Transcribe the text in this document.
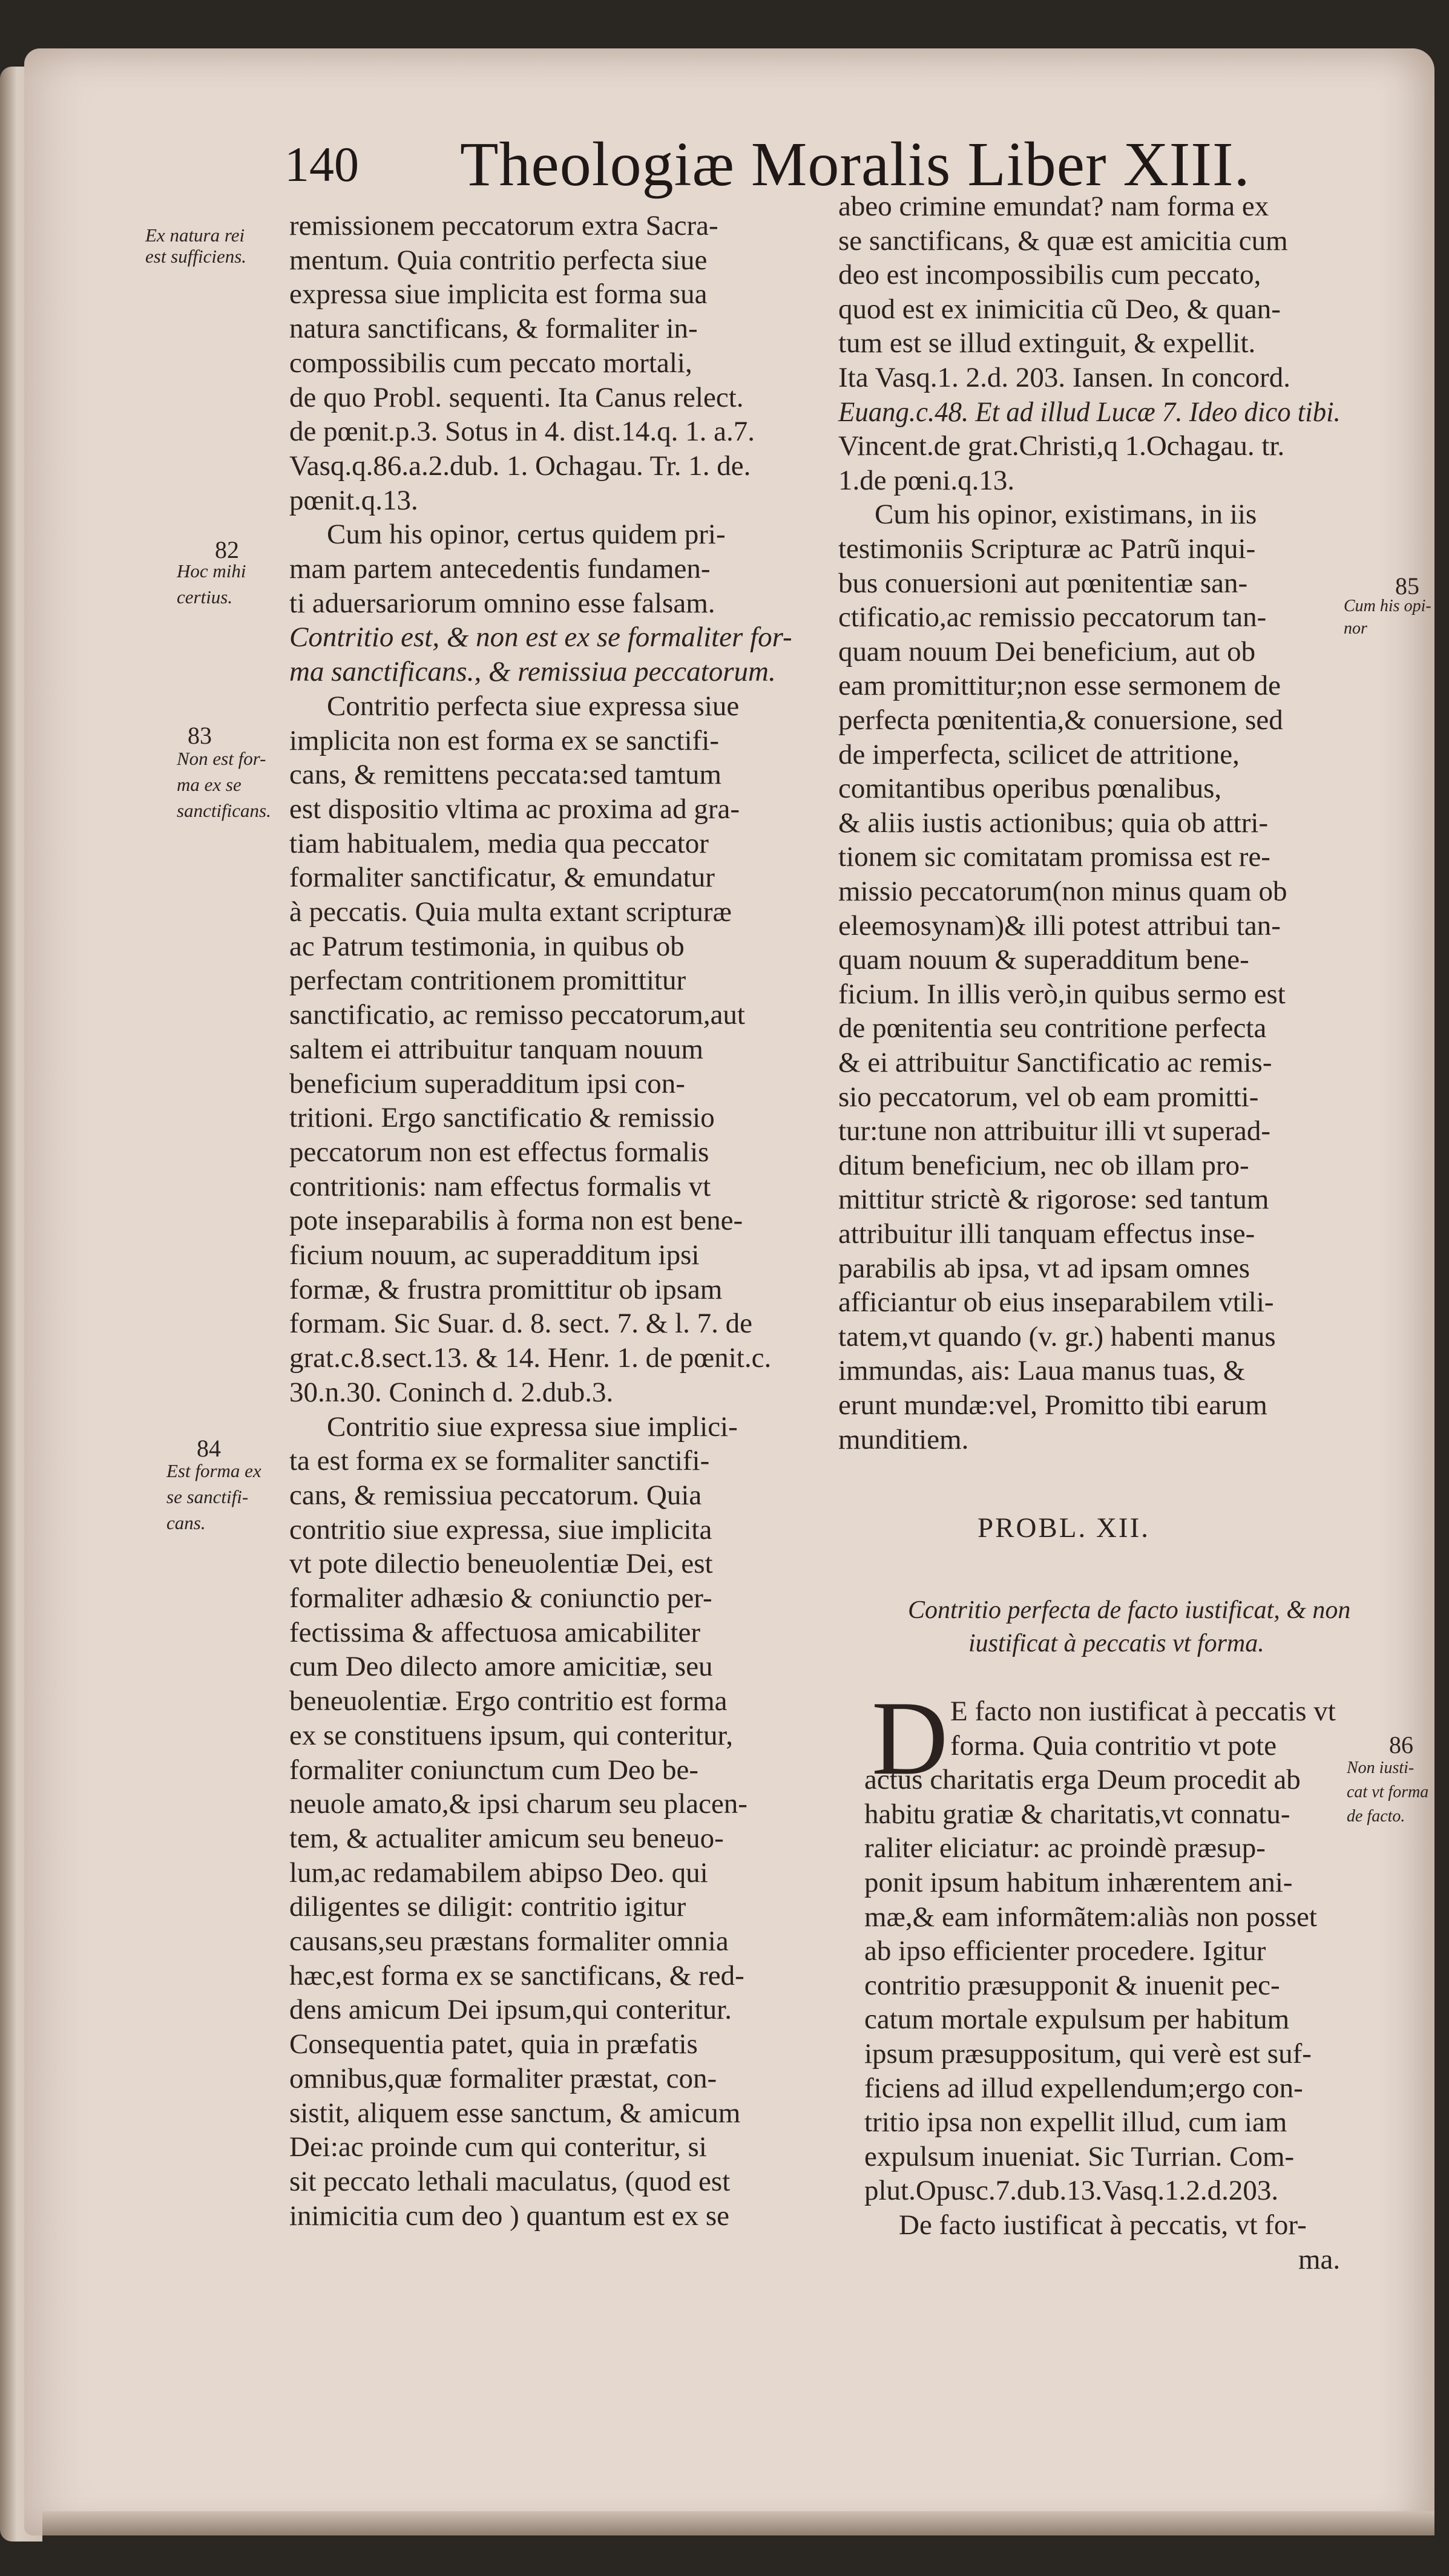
140 Theologiæ Moralis Liber XIII.
Ex natura rei
est sufficiens.
82
Hoc mihi
certius.
83
Non est for-
ma ex se
sanctificans.
84
Est forma ex
se sanctifi-
cans.
85
Cum his opi-
nor
86
Non iusti-
cat vt forma
de facto.
remissionem peccatorum extra Sacra-
mentum. Quia contritio perfecta siue
expressa siue implicita est forma sua
natura sanctificans, & formaliter in-
compossibilis cum peccato mortali,
de quo Probl. sequenti. Ita Canus relect.
de pœnit.p.3. Sotus in 4. dist.14.q. 1. a.7.
Vasq.q.86.a.2.dub. 1. Ochagau. Tr. 1. de.
pœnit.q.13.
Cum his opinor, certus quidem pri-
mam partem antecedentis fundamen-
ti aduersariorum omnino esse falsam.
Contritio est, & non est ex se formaliter for-
ma sanctificans., & remissiua peccatorum.
Contritio perfecta siue expressa siue
implicita non est forma ex se sanctifi-
cans, & remittens peccata:sed tamtum
est dispositio vltima ac proxima ad gra-
tiam habitualem, media qua peccator
formaliter sanctificatur, & emundatur
à peccatis. Quia multa extant scripturæ
ac Patrum testimonia, in quibus ob
perfectam contritionem promittitur
sanctificatio, ac remisso peccatorum,aut
saltem ei attribuitur tanquam nouum
beneficium superadditum ipsi con-
tritioni. Ergo sanctificatio & remissio
peccatorum non est effectus formalis
contritionis: nam effectus formalis vt
pote inseparabilis à forma non est bene-
ficium nouum, ac superadditum ipsi
formæ, & frustra promittitur ob ipsam
formam. Sic Suar. d. 8. sect. 7. & l. 7. de
grat.c.8.sect.13. & 14. Henr. 1. de pœnit.c.
30.n.30. Coninch d. 2.dub.3.
Contritio siue expressa siue implici-
ta est forma ex se formaliter sanctifi-
cans, & remissiua peccatorum. Quia
contritio siue expressa, siue implicita
vt pote dilectio beneuolentiæ Dei, est
formaliter adhæsio & coniunctio per-
fectissima & affectuosa amicabiliter
cum Deo dilecto amore amicitiæ, seu
beneuolentiæ. Ergo contritio est forma
ex se constituens ipsum, qui conteritur,
formaliter coniunctum cum Deo be-
neuole amato,& ipsi charum seu placen-
tem, & actualiter amicum seu beneuo-
lum,ac redamabilem abipso Deo. qui
diligentes se diligit: contritio igitur
causans,seu præstans formaliter omnia
hæc,est forma ex se sanctificans, & red-
dens amicum Dei ipsum,qui conteritur.
Consequentia patet, quia in præfatis
omnibus,quæ formaliter præstat, con-
sistit, aliquem esse sanctum, & amicum
Dei:ac proinde cum qui conteritur, si
sit peccato lethali maculatus, (quod est
inimicitia cum deo ) quantum est ex se
abeo crimine emundat? nam forma ex
se sanctificans, & quæ est amicitia cum
deo est incompossibilis cum peccato,
quod est ex inimicitia cũ Deo, & quan-
tum est se illud extinguit, & expellit.
Ita Vasq.1. 2.d. 203. Iansen. In concord.
Euang.c.48. Et ad illud Lucæ 7. Ideo dico tibi.
Vincent.de grat.Christi,q 1.Ochagau. tr.
1.de pœni.q.13.
Cum his opinor, existimans, in iis
testimoniis Scripturæ ac Patrũ inqui-
bus conuersioni aut pœnitentiæ san-
ctificatio,ac remissio peccatorum tan-
quam nouum Dei beneficium, aut ob
eam promittitur;non esse sermonem de
perfecta pœnitentia,& conuersione, sed
de imperfecta, scilicet de attritione,
comitantibus operibus pœnalibus,
& aliis iustis actionibus; quia ob attri-
tionem sic comitatam promissa est re-
missio peccatorum(non minus quam ob
eleemosynam)& illi potest attribui tan-
quam nouum & superadditum bene-
ficium. In illis verò,in quibus sermo est
de pœnitentia seu contritione perfecta
& ei attribuitur Sanctificatio ac remis-
sio peccatorum, vel ob eam promitti-
tur:tune non attribuitur illi vt superad-
ditum beneficium, nec ob illam pro-
mittitur strictè & rigorose: sed tantum
attribuitur illi tanquam effectus inse-
parabilis ab ipsa, vt ad ipsam omnes
afficiantur ob eius inseparabilem vtili-
tatem,vt quando (v. gr.) habenti manus
immundas, ais: Laua manus tuas, &
erunt mundæ:vel, Promitto tibi earum
munditiem.
PROBL. XII.
Contritio perfecta de facto iustificat, & non
iustificat à peccatis vt forma.
D E facto non iustificat à peccatis vt
forma. Quia contritio vt pote
actus charitatis erga Deum procedit ab
habitu gratiæ & charitatis,vt connatu-
raliter eliciatur: ac proindè præsup-
ponit ipsum habitum inhærentem ani-
mæ,& eam informãtem:aliàs non posset
ab ipso efficienter procedere. Igitur
contritio præsupponit & inuenit pec-
catum mortale expulsum per habitum
ipsum præsuppositum, qui verè est suf-
ficiens ad illud expellendum;ergo con-
tritio ipsa non expellit illud, cum iam
expulsum inueniat. Sic Turrian. Com-
plut.Opusc.7.dub.13.Vasq.1.2.d.203.
De facto iustificat à peccatis, vt for-
ma.
